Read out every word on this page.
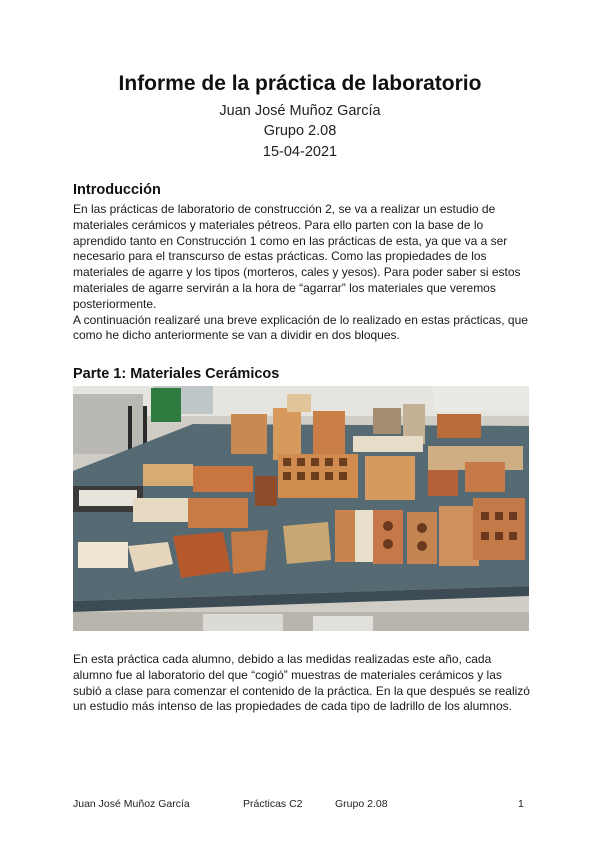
Informe de la práctica de laboratorio
Juan José Muñoz García
Grupo 2.08
15-04-2021
Introducción

En las prácticas de laboratorio de construcción 2, se va a realizar un estudio de materiales cerámicos y materiales pétreos. Para ello parten con la base de lo aprendido tanto en Construcción 1 como en las prácticas de esta, ya que va a ser necesario para el transcurso de estas prácticas. Como las propiedades de los materiales de agarre y los tipos (morteros, cales y yesos). Para poder saber si estos materiales de agarre servirán a la hora de “agarrar” los materiales que veremos posteriormente.

A continuación realizaré una breve explicación de lo realizado en estas prácticas, que como he dicho anteriormente se van a dividir en dos bloques.

Parte 1: Materiales Cerámicos

En esta práctica cada alumno, debido a las medidas realizadas este año, cada alumno fue al laboratorio del que “cogió” muestras de materiales cerámicos y las subió a clase para comenzar el contenido de la práctica. En la que después se realizó un estudio más intenso de las propiedades de cada tipo de ladrillo de los alumnos.

Juan José Muñoz García	Prácticas C2	Grupo 2.08	1
